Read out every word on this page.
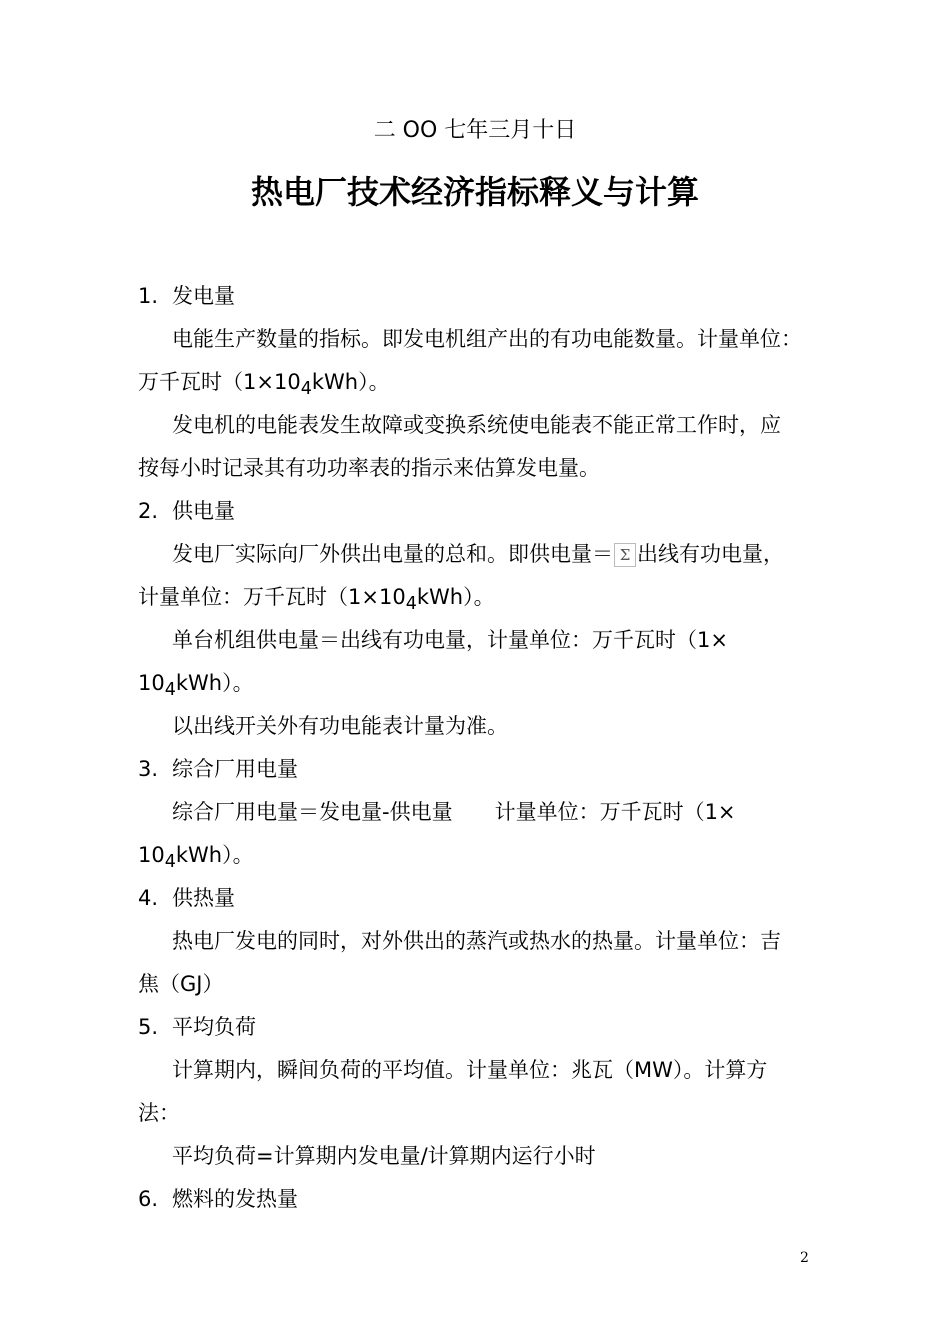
二 OO 七年三月十日
热电厂技术经济指标释义与计算
1. 发电量
电能生产数量的指标。即发电机组产出的有功电能数量。计量单位：
万千瓦时$(1\times 10_4kWh)$。
发电机的电能表发生故障或变换系统使电能表不能正常工作时，应
按每小时记录其有功功率表的指示来估算发电量。
2. 供电量
发电厂实际向厂外供出电量的总和。即供电量＝ Σ 出线有功电量，
计量单位：万千瓦时$(1\times 10_4kWh)$。
单台机组供电量＝出线有功电量，计量单位：万千瓦时（1×
$10_4kWh$）。
以出线开关外有功电能表计量为准。
3. 综合厂用电量
综合厂用电量＝发电量-供电量　　计量单位：万千瓦时（1×
$10_4kWh$）。
4. 供热量
热电厂发电的同时，对外供出的蒸汽或热水的热量。计量单位：吉
焦（GJ）
5. 平均负荷
计算期内，瞬间负荷的平均值。计量单位：兆瓦（MW）。计算方
法：
平均负荷=计算期内发电量/计算期内运行小时
6. 燃料的发热量
2
